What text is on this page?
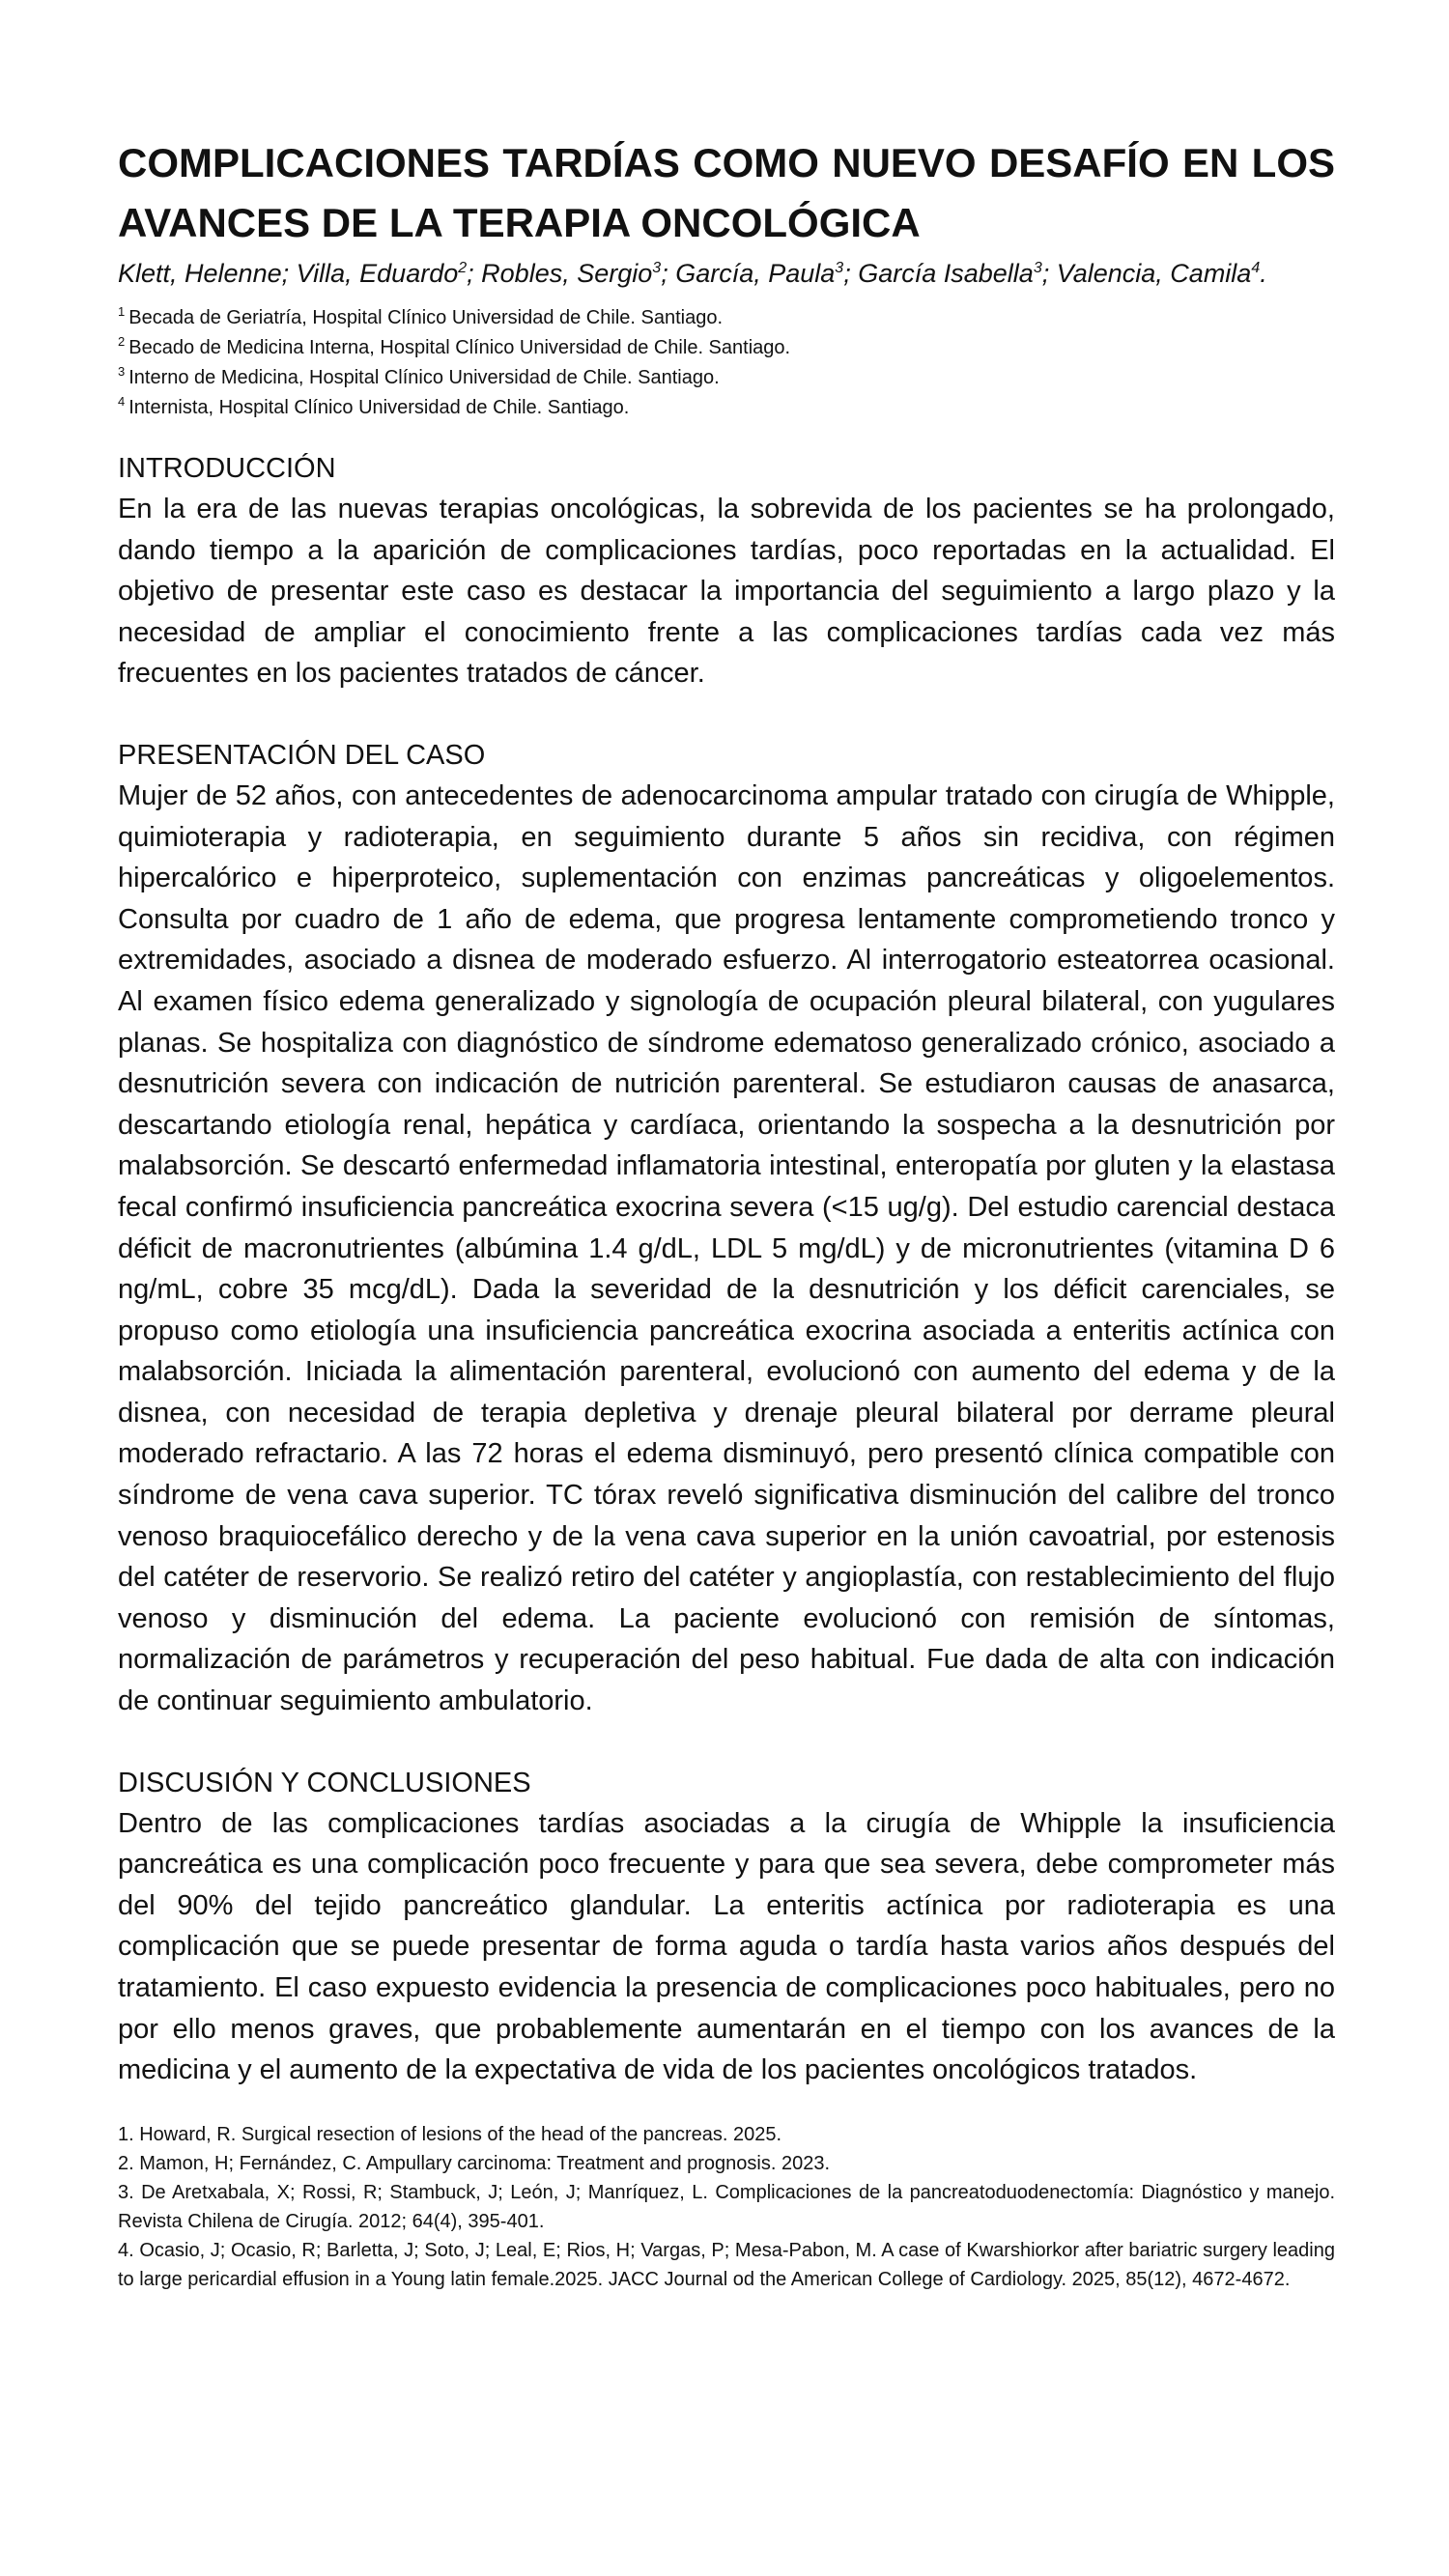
COMPLICACIONES TARDÍAS COMO NUEVO DESAFÍO EN LOS AVANCES DE LA TERAPIA ONCOLÓGICA

Klett, Helenne; Villa, Eduardo$^2$; Robles, Sergio$^3$; García, Paula$^3$; García Isabella$^3$; Valencia, Camila$^4$.

$^1$ Becada de Geriatría, Hospital Clínico Universidad de Chile. Santiago.
$^2$ Becado de Medicina Interna, Hospital Clínico Universidad de Chile. Santiago.
$^3$ Interno de Medicina, Hospital Clínico Universidad de Chile. Santiago.
$^4$ Internista, Hospital Clínico Universidad de Chile. Santiago.
INTRODUCCIÓN

En la era de las nuevas terapias oncológicas, la sobrevida de los pacientes se ha prolongado, dando tiempo a la aparición de complicaciones tardías, poco reportadas en la actualidad. El objetivo de presentar este caso es destacar la importancia del seguimiento a largo plazo y la necesidad de ampliar el conocimiento frente a las complicaciones tardías cada vez más frecuentes en los pacientes tratados de cáncer.

PRESENTACIÓN DEL CASO

Mujer de 52 años, con antecedentes de adenocarcinoma ampular tratado con cirugía de Whipple, quimioterapia y radioterapia, en seguimiento durante 5 años sin recidiva, con régimen hipercalórico e hiperproteico, suplementación con enzimas pancreáticas y oligoelementos. Consulta por cuadro de 1 año de edema, que progresa lentamente comprometiendo tronco y extremidades, asociado a disnea de moderado esfuerzo. Al interrogatorio esteatorrea ocasional. Al examen físico edema generalizado y signología de ocupación pleural bilateral, con yugulares planas. Se hospitaliza con diagnóstico de síndrome edematoso generalizado crónico, asociado a desnutrición severa con indicación de nutrición parenteral. Se estudiaron causas de anasarca, descartando etiología renal, hepática y cardíaca, orientando la sospecha a la desnutrición por malabsorción. Se descartó enfermedad inflamatoria intestinal, enteropatía por gluten y la elastasa fecal confirmó insuficiencia pancreática exocrina severa (<15 ug/g). Del estudio carencial destaca déficit de macronutrientes (albúmina 1.4 g/dL, LDL 5 mg/dL) y de micronutrientes (vitamina D 6 ng/mL, cobre 35 mcg/dL). Dada la severidad de la desnutrición y los déficit carenciales, se propuso como etiología una insuficiencia pancreática exocrina asociada a enteritis actínica con malabsorción. Iniciada la alimentación parenteral, evolucionó con aumento del edema y de la disnea, con necesidad de terapia depletiva y drenaje pleural bilateral por derrame pleural moderado refractario. A las 72 horas el edema disminuyó, pero presentó clínica compatible con síndrome de vena cava superior. TC tórax reveló significativa disminución del calibre del tronco venoso braquiocefálico derecho y de la vena cava superior en la unión cavoatrial, por estenosis del catéter de reservorio. Se realizó retiro del catéter y angioplastía, con restablecimiento del flujo venoso y disminución del edema. La paciente evolucionó con remisión de síntomas, normalización de parámetros y recuperación del peso habitual. Fue dada de alta con indicación de continuar seguimiento ambulatorio.

DISCUSIÓN Y CONCLUSIONES

Dentro de las complicaciones tardías asociadas a la cirugía de Whipple la insuficiencia pancreática es una complicación poco frecuente y para que sea severa, debe comprometer más del 90% del tejido pancreático glandular. La enteritis actínica por radioterapia es una complicación que se puede presentar de forma aguda o tardía hasta varios años después del tratamiento. El caso expuesto evidencia la presencia de complicaciones poco habituales, pero no por ello menos graves, que probablemente aumentarán en el tiempo con los avances de la medicina y el aumento de la expectativa de vida de los pacientes oncológicos tratados.

1. Howard, R. Surgical resection of lesions of the head of the pancreas. 2025.

2. Mamon, H; Fernández, C. Ampullary carcinoma: Treatment and prognosis. 2023.

3. De Aretxabala, X; Rossi, R; Stambuck, J; León, J; Manríquez, L. Complicaciones de la pancreatoduodenectomía: Diagnóstico y manejo. Revista Chilena de Cirugía. 2012; 64(4), 395-401.

4. Ocasio, J; Ocasio, R; Barletta, J; Soto, J; Leal, E; Rios, H; Vargas, P; Mesa-Pabon, M. A case of Kwarshiorkor after bariatric surgery leading to large pericardial effusion in a Young latin female.2025. JACC Journal od the American College of Cardiology. 2025, 85(12), 4672-4672.
